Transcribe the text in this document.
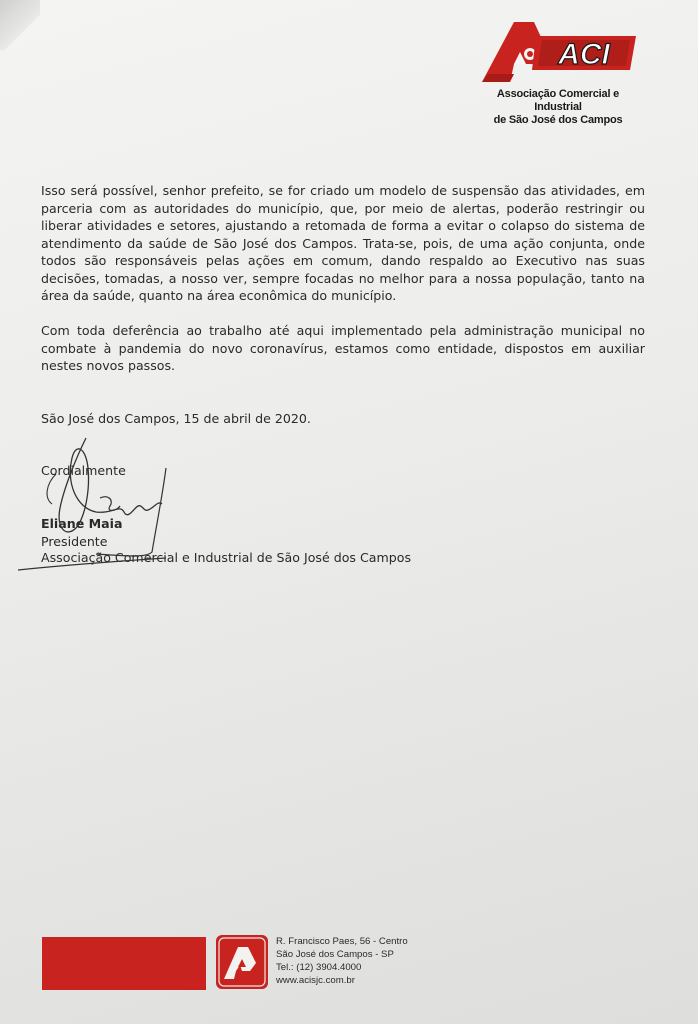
ACI
Associação Comercial e Industrial
de São José dos Campos
Isso será possível, senhor prefeito, se for criado um modelo de suspensão das atividades, em parceria com as autoridades do município, que, por meio de alertas, poderão restringir ou liberar atividades e setores, ajustando a retomada de forma a evitar o colapso do sistema de atendimento da saúde de São José dos Campos. Trata-se, pois, de uma ação conjunta, onde todos são responsáveis pelas ações em comum, dando respaldo ao Executivo nas suas decisões, tomadas, a nosso ver, sempre focadas no melhor para a nossa população, tanto na área da saúde, quanto na área econômica do município.
Com toda deferência ao trabalho até aqui implementado pela administração municipal no combate à pandemia do novo coronavírus, estamos como entidade, dispostos em auxiliar nestes novos passos.
São José dos Campos, 15 de abril de 2020.
Cordialmente
Eliane Maia
Presidente
Associação Comercial e Industrial de São José dos Campos
R. Francisco Paes, 56 - Centro
São José dos Campos - SP
Tel.: (12) 3904.4000
www.acisjc.com.br
